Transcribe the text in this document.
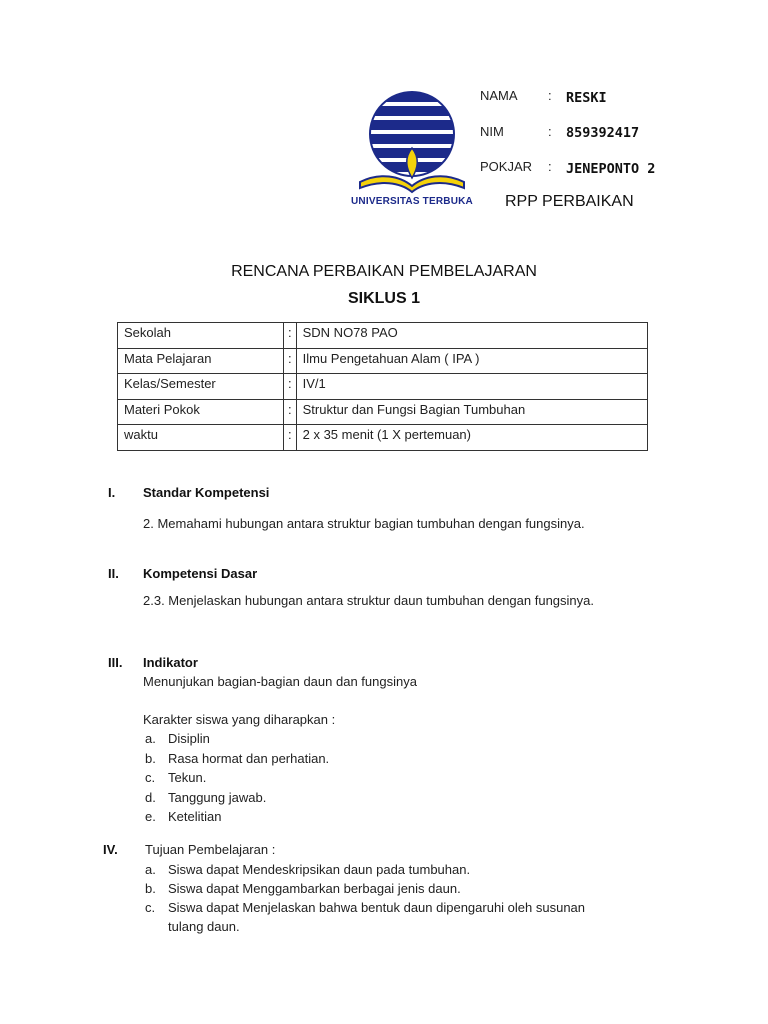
UNIVERSITAS TERBUKA
NAMA : RESKI
NIM	: 859392417
POKJAR : JENEPONTO 2
RPP PERBAIKAN
RENCANA PERBAIKAN PEMBELAJARAN
SIKLUS 1
Sekolah	:	SDN NO78 PAO
Mata Pelajaran	:	Ilmu Pengetahuan Alam ( IPA )
Kelas/Semester	:	IV/1
Materi Pokok	:	Struktur dan Fungsi Bagian Tumbuhan
waktu	:	2 x 35 menit (1 X pertemuan)
I. Standar Kompetensi
2. Memahami hubungan antara struktur bagian tumbuhan dengan fungsinya.
II. Kompetensi Dasar
2.3. Menjelaskan hubungan antara struktur daun tumbuhan dengan fungsinya.
III. Indikator
Menunjukan bagian-bagian daun dan fungsinya
Karakter siswa yang diharapkan :
a. Disiplin
b. Rasa hormat dan perhatian.
c. Tekun.
d. Tanggung jawab.
e. Ketelitian
IV. Tujuan Pembelajaran :
a. Siswa dapat Mendeskripsikan daun pada tumbuhan.
b. Siswa dapat Menggambarkan berbagai jenis daun.
c. Siswa dapat Menjelaskan bahwa bentuk daun dipengaruhi oleh susunan
tulang daun.
